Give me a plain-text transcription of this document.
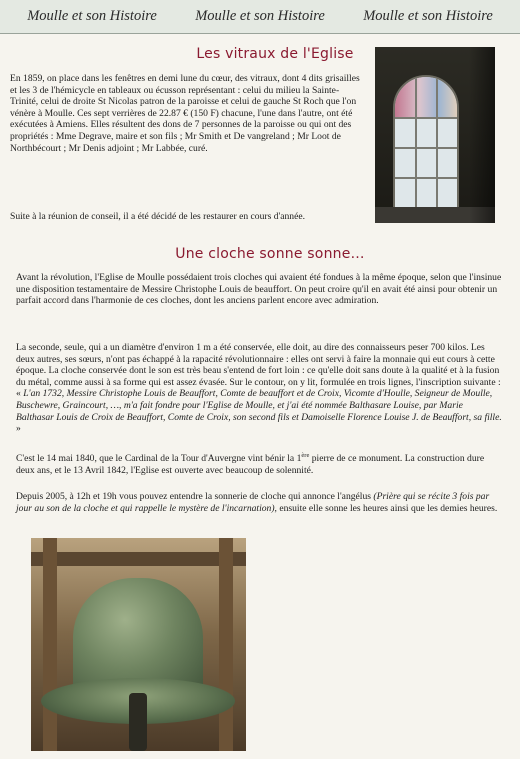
Moulle et son Histoire	Moulle et son Histoire	Moulle et son Histoire
Les vitraux de l'Eglise

En 1859, on place dans les fenêtres en demi lune du cœur, des vitraux, dont 4 dits grisailles et les 3 de l'hémicycle en tableaux ou écusson représentant : celui du milieu la Sainte-Trinité, celui de droite St Nicolas patron de la paroisse et celui de gauche St Roch que l'on vénère à Moulle. Ces sept verrières de 22.87 € (150 F) chacune, l'une dans l'autre, ont été exécutées à Amiens. Elles résultent des dons de 7 personnes de la paroisse ou qui ont des propriétés : Mme Degrave, maire et son fils ; Mr Smith et De vangreland ; Mr Loot de Northbécourt ; Mr Denis adjoint ; Mr Labbée, curé.

Suite à la réunion de conseil, il a été décidé de les restaurer en cours d'année.

Une cloche sonne sonne…

Avant la révolution, l'Eglise de Moulle possédaient trois cloches qui avaient été fondues à la même époque, selon que l'insinue une disposition testamentaire de Messire Christophe Louis de beauffort. On peut croire qu'il en avait été ainsi pour obtenir un parfait accord dans l'harmonie de ces cloches, dont les anciens parlent encore avec admiration.

La seconde, seule, qui a un diamètre d'environ 1 m a été conservée, elle doit, au dire des connaisseurs peser 700 kilos. Les deux autres, ses sœurs, n'ont pas échappé à la rapacité révolutionnaire : elles ont servi à faire la monnaie qui eut cours à cette époque. La cloche conservée dont le son est très beau s'entend de fort loin : ce qu'elle doit sans doute à la qualité et à la fusion du métal, comme aussi à sa forme qui est assez évasée. Sur le contour, on y lit, formulée en trois lignes, l'inscription suivante : « L'an 1732, Messire Christophe Louis de Beauffort, Comte de beauffort et de Croix, Vicomte d'Houlle, Seigneur de Moulle, Buschewre, Graincourt, …, m'a fait fondre pour l'Eglise de Moulle, et j'ai été nommée Balthasare Louise, par Marie Balthasar Louis de Croix de Beauffort, Comte de Croix, son second fils et Damoiselle Florence Louise J. de Beauffort, sa fille. »

C'est le 14 mai 1840, que le Cardinal de la Tour d'Auvergne vint bénir la 1ère pierre de ce monument. La construction dure deux ans, et le 13 Avril 1842, l'Eglise est ouverte avec beaucoup de solennité.

Depuis 2005, à 12h et 19h vous pouvez entendre la sonnerie de cloche qui annonce l'angélus (Prière qui se récite 3 fois par jour au son de la cloche et qui rappelle le mystère de l'incarnation), ensuite elle sonne les heures ainsi que les demies heures.
